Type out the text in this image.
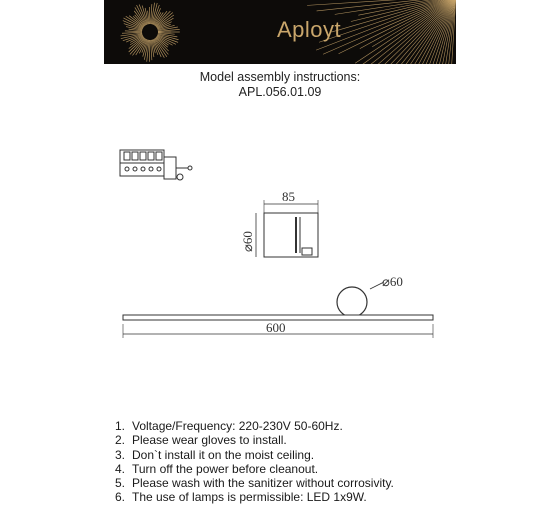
Aployt
Model assembly instructions:
APL.056.01.09
85
⌀60
⌀60
600
1. Voltage/Frequency: 220-230V 50-60Hz.
2. Please wear gloves to install.
3. Don`t install it on the moist ceiling.
4. Turn off the power before cleanout.
5. Please wash with the sanitizer without corrosivity.
6. The use of lamps is permissible: LED 1x9W.
